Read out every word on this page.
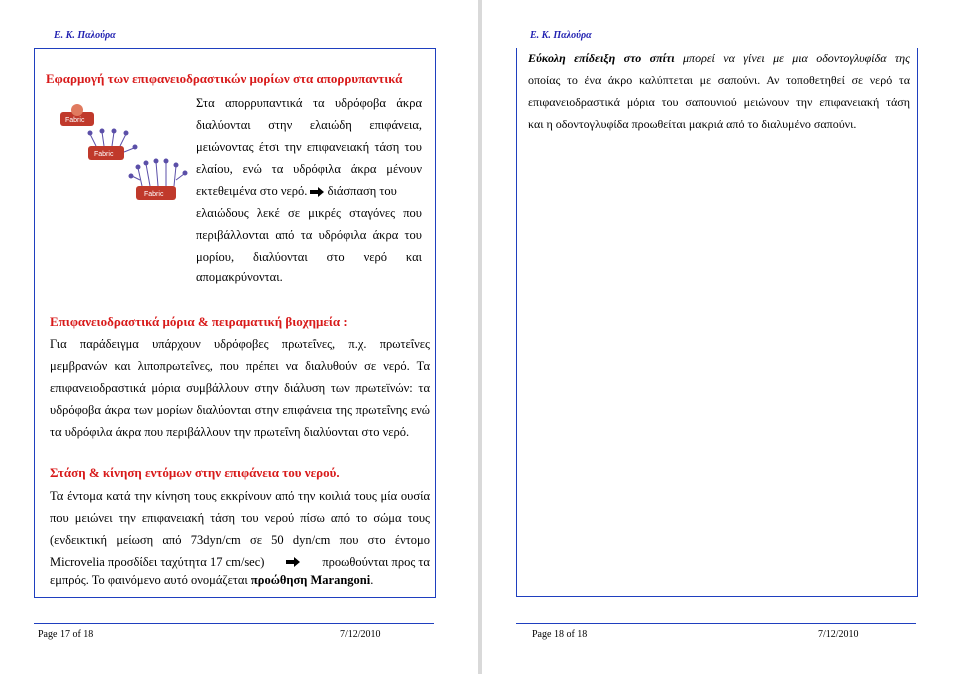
Ε. Κ. Παλούρα
Εφαρμογή των επιφανειοδραστικών μορίων στα απορρυπαντικά
Fabric
Fabric
Fabric
Στα απορρυπαντικά τα υδρόφοβα άκρα
διαλύονται στην ελαιώδη επιφάνεια,
μειώνοντας έτσι την επιφανειακή τάση του
ελαίου, ενώ τα υδρόφιλα άκρα μένουν
εκτεθειμένα στο νερό. διάσπαση του
ελαιώδους λεκέ σε μικρές σταγόνες που
περιβάλλονται από τα υδρόφιλα άκρα του
μορίου, διαλύονται στο νερό και
απομακρύνονται.
Επιφανειοδραστικά μόρια & πειραματική βιοχημεία :
Για παράδειγμα υπάρχουν υδρόφοβες πρωτεΐνες, π.χ. πρωτεΐνες
μεμβρανών και λιποπρωτεΐνες, που πρέπει να διαλυθούν σε νερό. Τα
επιφανειοδραστικά μόρια συμβάλλουν στην διάλυση των πρωτεϊνών: τα
υδρόφοβα άκρα των μορίων διαλύονται στην επιφάνεια της πρωτεΐνης ενώ
τα υδρόφιλα άκρα που περιβάλλουν την πρωτεΐνη διαλύονται στο νερό.
Στάση & κίνηση εντόμων στην επιφάνεια του νερού.
Τα έντομα κατά την κίνηση τους εκκρίνουν από την κοιλιά τους μία ουσία
που μειώνει την επιφανειακή τάση του νερού πίσω από το σώμα τους
(ενδεικτική μείωση από 73dyn/cm σε 50 dyn/cm που στο έντομο
Microvelia προσδίδει ταχύτητα 17 cm/sec)	προωθούνται προς τα
εμπρός. Το φαινόμενο αυτό ονομάζεται προώθηση Marangoni.
Page 17 of 18	7/12/2010
Ε. Κ. Παλούρα
Εύκολη επίδειξη στο σπίτι μπορεί να γίνει με μια οδοντογλυφίδα της
οποίας το ένα άκρο καλύπτεται με σαπούνι. Αν τοποθετηθεί σε νερό τα
επιφανειοδραστικά μόρια του σαπουνιού μειώνουν την επιφανειακή τάση
και η οδοντογλυφίδα προωθείται μακριά από το διαλυμένο σαπούνι.
Page 18 of 18	7/12/2010
